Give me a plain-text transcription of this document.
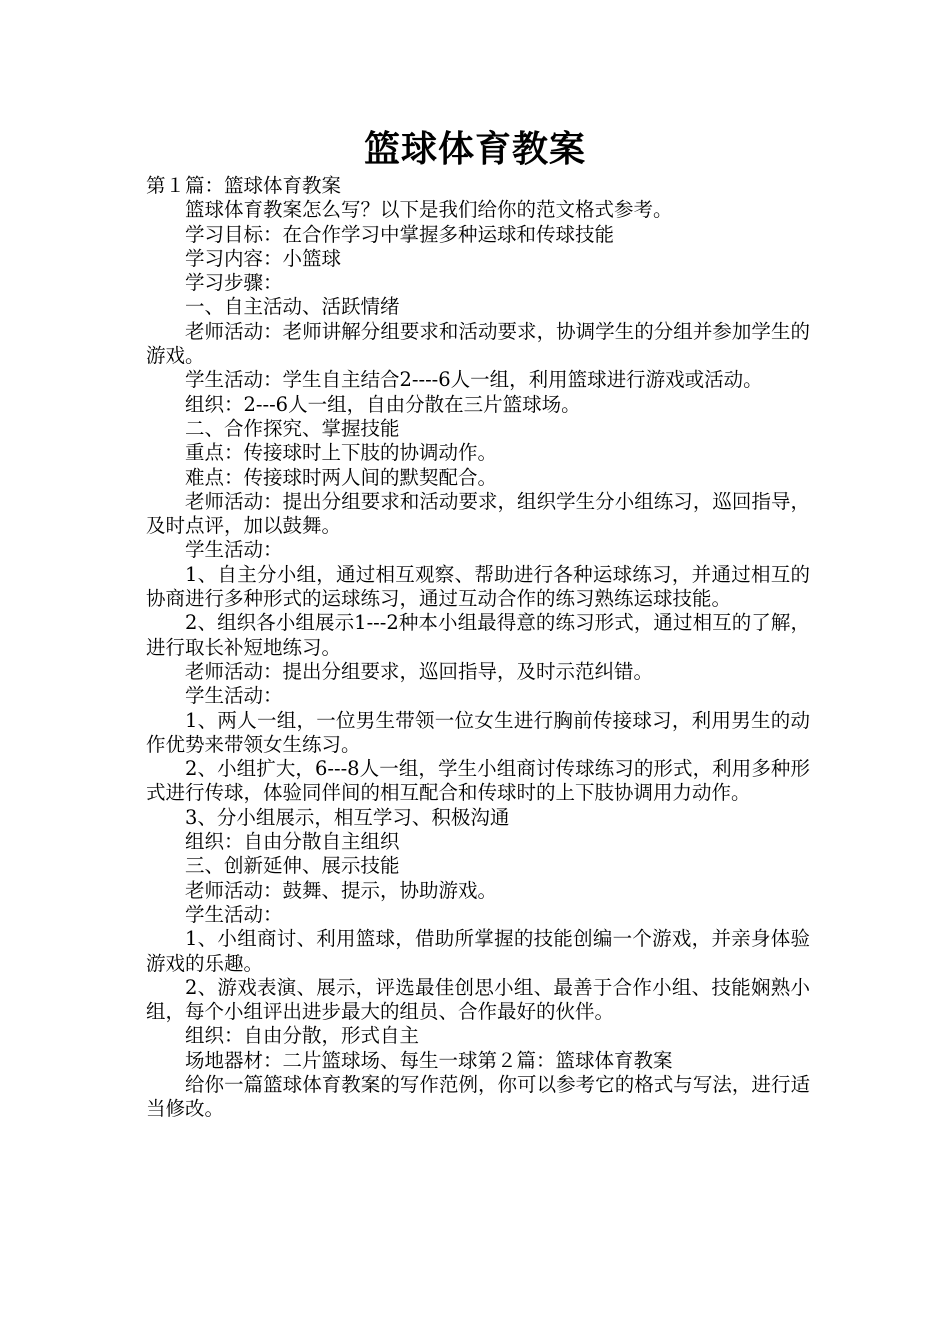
篮球体育教案

第１篇：篮球体育教案

篮球体育教案怎么写？以下是我们给你的范文格式参考。

学习目标：在合作学习中掌握多种运球和传球技能

学习内容：小篮球

学习步骤：

一、自主活动、活跃情绪

老师活动：老师讲解分组要求和活动要求，协调学生的分组并参加学生的游戏。

学生活动：学生自主结合2----6人一组，利用篮球进行游戏或活动。

组织：2---6人一组，自由分散在三片篮球场。

二、合作探究、掌握技能

重点：传接球时上下肢的协调动作。

难点：传接球时两人间的默契配合。

老师活动：提出分组要求和活动要求，组织学生分小组练习，巡回指导，及时点评，加以鼓舞。

学生活动：

1、自主分小组，通过相互观察、帮助进行各种运球练习，并通过相互的协商进行多种形式的运球练习，通过互动合作的练习熟练运球技能。

2、组织各小组展示1---2种本小组最得意的练习形式，通过相互的了解，进行取长补短地练习。

老师活动：提出分组要求，巡回指导，及时示范纠错。

学生活动：

1、两人一组，一位男生带领一位女生进行胸前传接球习，利用男生的动作优势来带领女生练习。

2、小组扩大，6---8人一组，学生小组商讨传球练习的形式，利用多种形式进行传球，体验同伴间的相互配合和传球时的上下肢协调用力动作。

3、分小组展示，相互学习、积极沟通

组织：自由分散自主组织

三、创新延伸、展示技能

老师活动：鼓舞、提示，协助游戏。

学生活动：

1、小组商讨、利用篮球，借助所掌握的技能创编一个游戏，并亲身体验游戏的乐趣。

2、游戏表演、展示，评选最佳创思小组、最善于合作小组、技能娴熟小组，每个小组评出进步最大的组员、合作最好的伙伴。

组织：自由分散，形式自主

场地器材：二片篮球场、每生一球第２篇：篮球体育教案

给你一篇篮球体育教案的写作范例，你可以参考它的格式与写法，进行适当修改。
